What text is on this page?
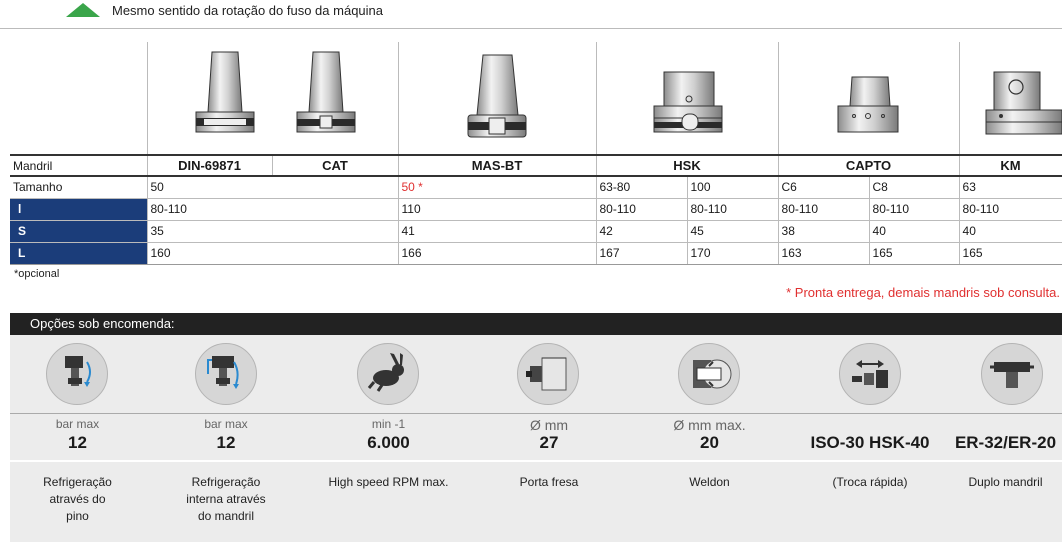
Mesmo sentido da rotação do fuso da máquina
Mandril	DIN-69871	CAT	MAS-BT	HSK		CAPTO		KM
Tamanho	50		50 *	63-80	100	C6	C8	63
l	80-110		110	80-110	80-110	80-110	80-110	80-110
S	35		41	42	45	38	40	40
L	160		166	167	170	163	165	165
*opcional
* Pronta entrega, demais mandris sob consulta.
Opções sob encomenda:
bar max
12
Refrigeração
através do
pino
bar max
12
Refrigeração
interna através
do mandril
min -1
6.000
High speed RPM max.
Ø mm
27
Porta fresa
Ø mm max.
20
Weldon
ISO-30 HSK-40
(Troca rápida)
ER-32/ER-20
Duplo mandril
